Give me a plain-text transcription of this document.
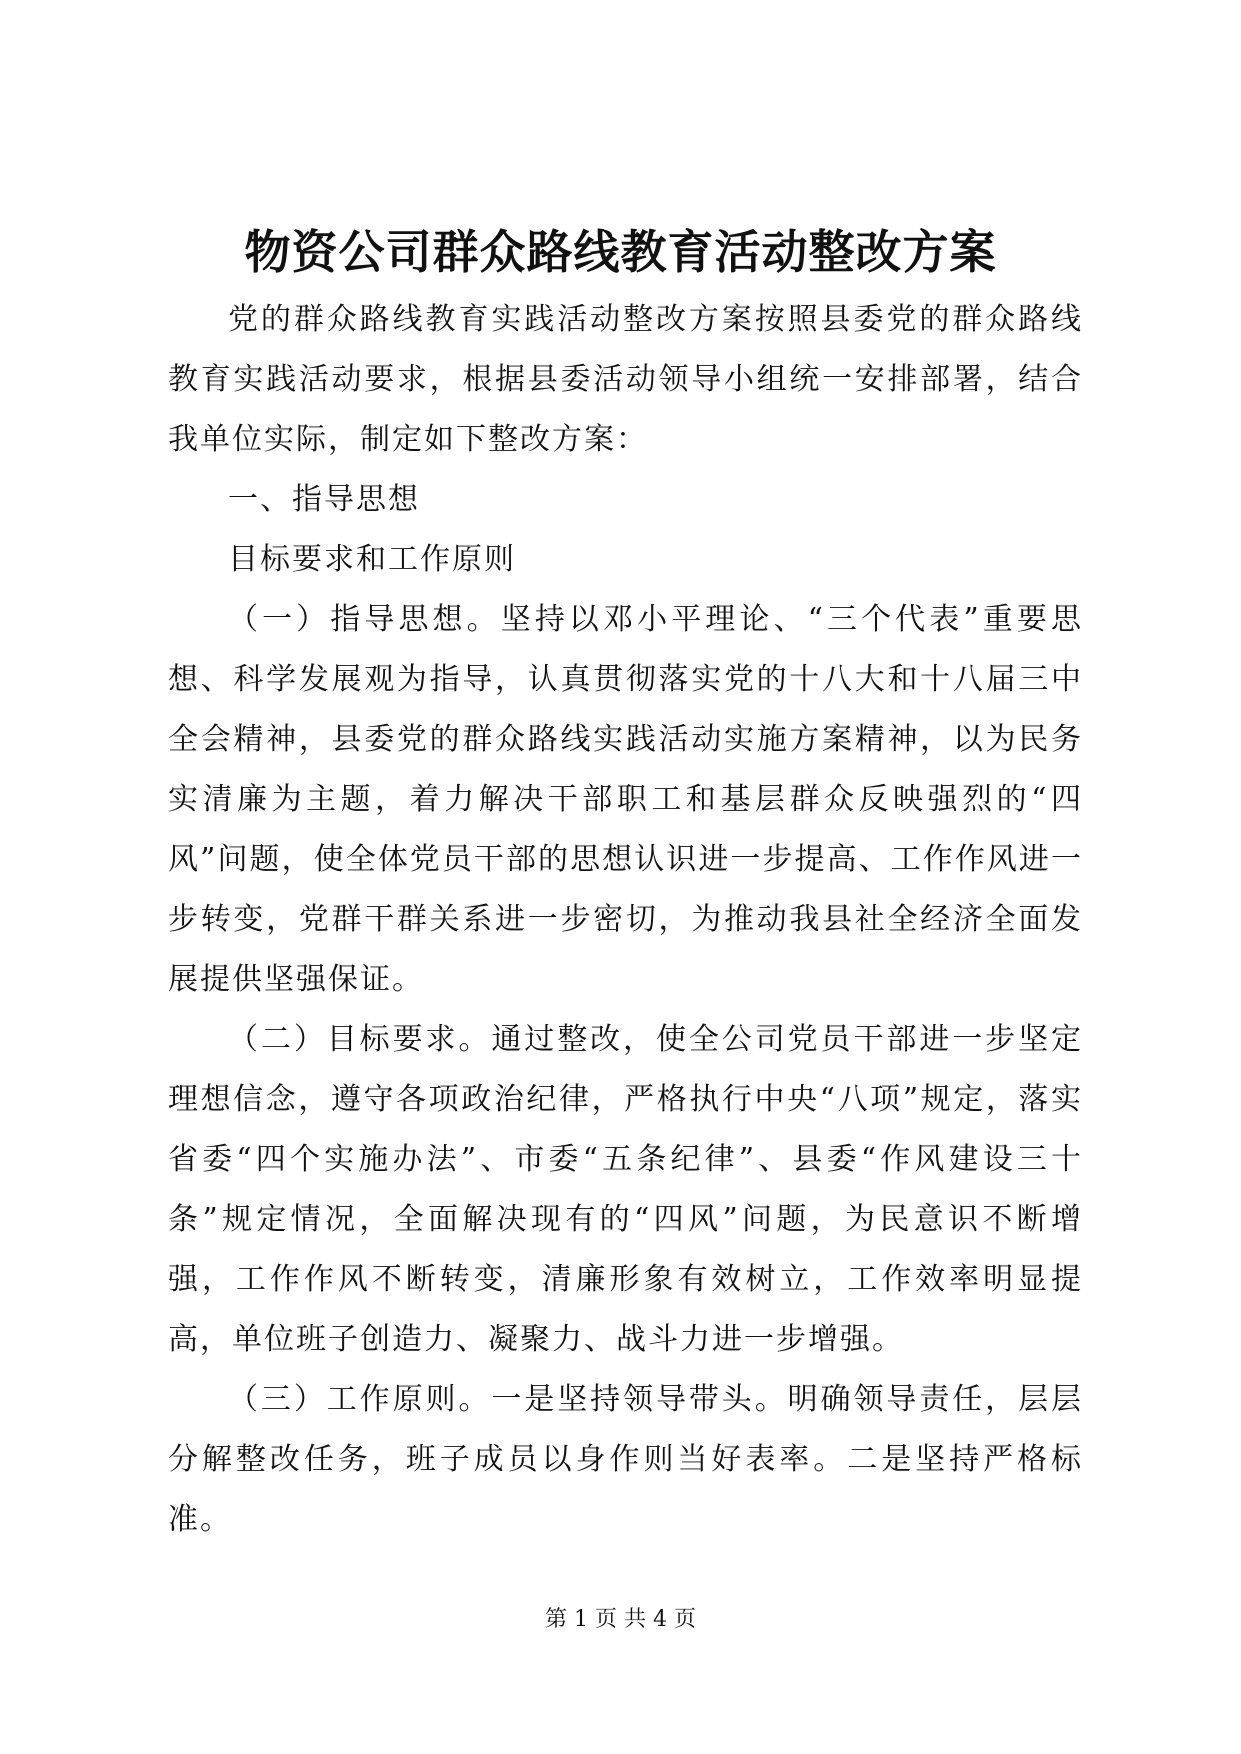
物资公司群众路线教育活动整改方案

党的群众路线教育实践活动整改方案按照县委党的群众路线教育实践活动要求，根据县委活动领导小组统一安排部署，结合我单位实际，制定如下整改方案：

一、指导思想

目标要求和工作原则

（一）指导思想。坚持以邓小平理论、“三个代表”重要思想、科学发展观为指导，认真贯彻落实党的十八大和十八届三中全会精神，县委党的群众路线实践活动实施方案精神，以为民务实清廉为主题，着力解决干部职工和基层群众反映强烈的“四风”问题，使全体党员干部的思想认识进一步提高、工作作风进一步转变，党群干群关系进一步密切，为推动我县社全经济全面发展提供坚强保证。

（二）目标要求。通过整改，使全公司党员干部进一步坚定理想信念，遵守各项政治纪律，严格执行中央“八项”规定，落实省委“四个实施办法”、市委“五条纪律”、县委“作风建设三十条”规定情况，全面解决现有的“四风”问题，为民意识不断增强，工作作风不断转变，清廉形象有效树立，工作效率明显提高，单位班子创造力、凝聚力、战斗力进一步增强。

（三）工作原则。一是坚持领导带头。明确领导责任，层层分解整改任务，班子成员以身作则当好表率。二是坚持严格标准。

第 1 页 共 4 页
